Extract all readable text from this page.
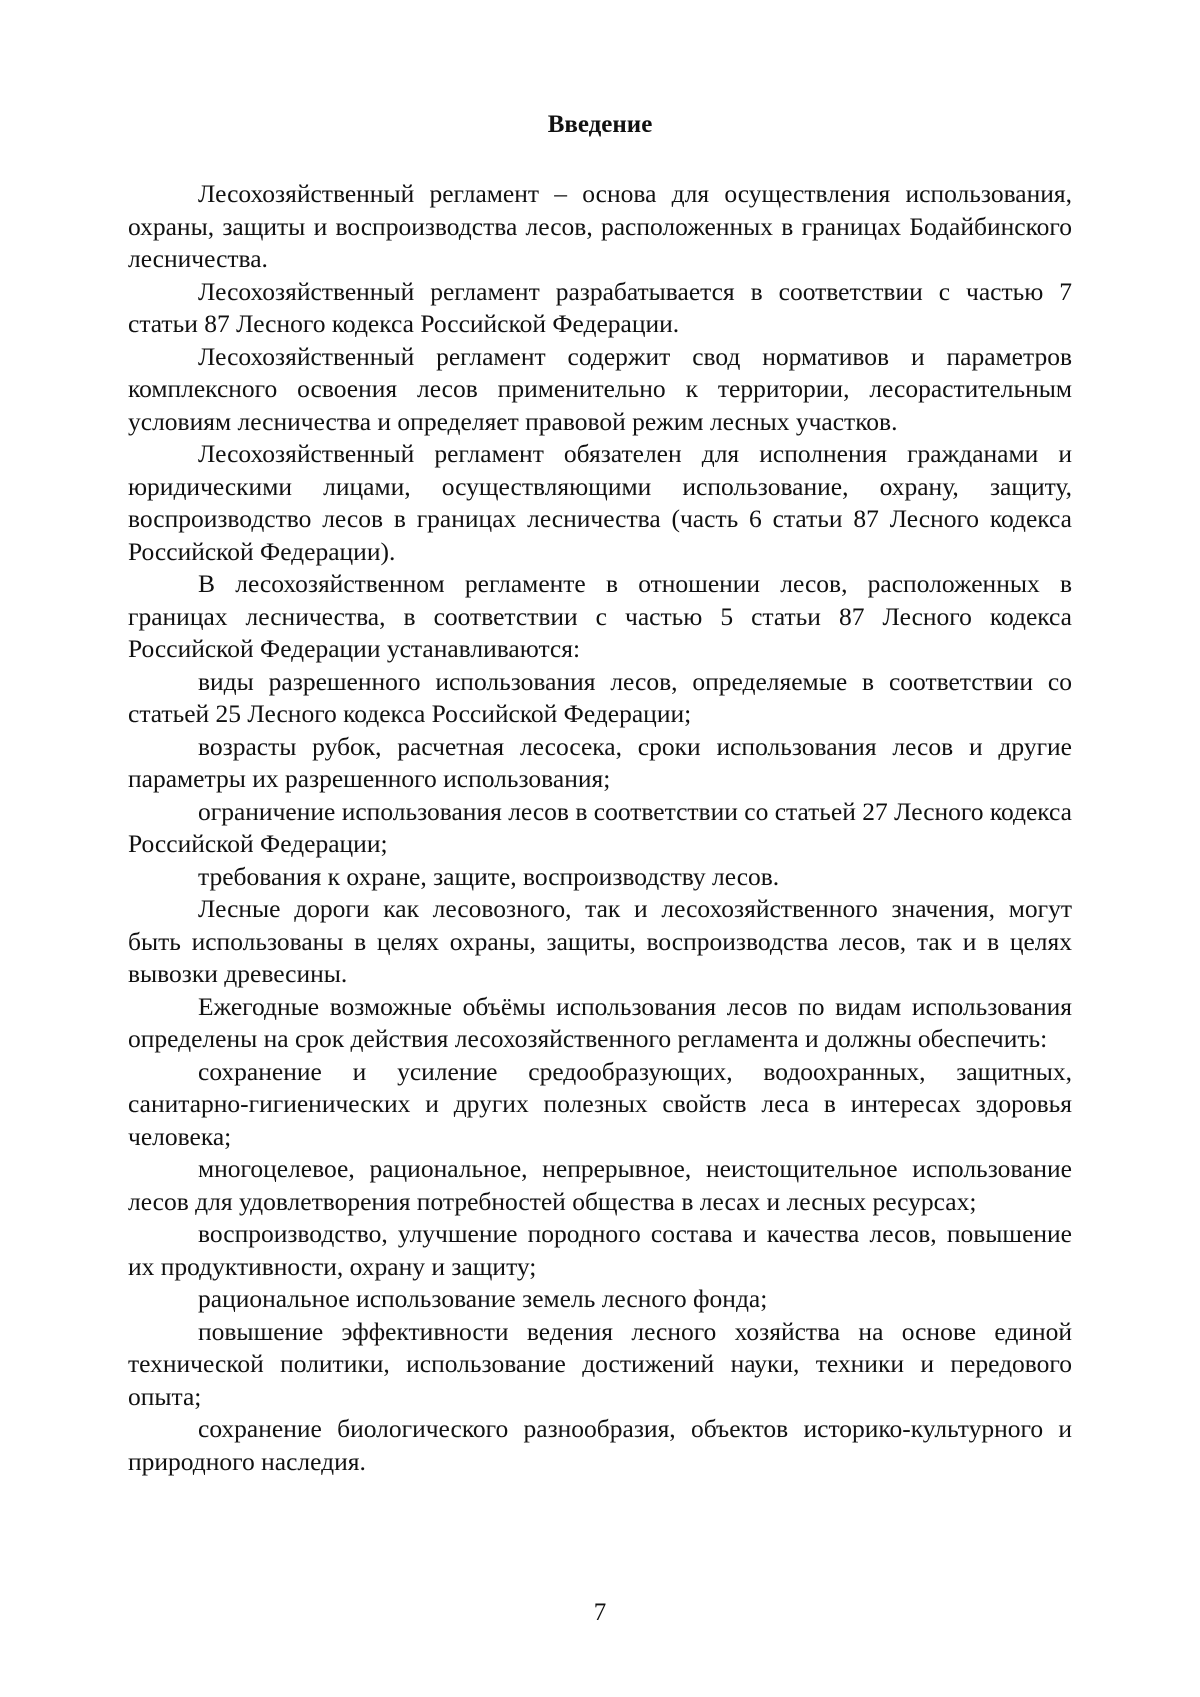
Введение

Лесохозяйственный регламент – основа для осуществления использования, охраны, защиты и воспроизводства лесов, расположенных в границах Бодайбинского лесничества.

Лесохозяйственный регламент разрабатывается в соответствии с частью 7 статьи 87 Лесного кодекса Российской Федерации.

Лесохозяйственный регламент содержит свод нормативов и параметров комплексного освоения лесов применительно к территории, лесорастительным условиям лесничества и определяет правовой режим лесных участков.

Лесохозяйственный регламент обязателен для исполнения гражданами и юридическими лицами, осуществляющими использование, охрану, защиту, воспроизводство лесов в границах лесничества (часть 6 статьи 87 Лесного кодекса Российской Федерации).

В лесохозяйственном регламенте в отношении лесов, расположенных в границах лесничества, в соответствии с частью 5 статьи 87 Лесного кодекса Российской Федерации устанавливаются:

виды разрешенного использования лесов, определяемые в соответствии со статьей 25 Лесного кодекса Российской Федерации;

возрасты рубок, расчетная лесосека, сроки использования лесов и другие параметры их разрешенного использования;

ограничение использования лесов в соответствии со статьей 27 Лесного кодекса Российской Федерации;

требования к охране, защите, воспроизводству лесов.

Лесные дороги как лесовозного, так и лесохозяйственного значения, могут быть использованы в целях охраны, защиты, воспроизводства лесов, так и в целях вывозки древесины.

Ежегодные возможные объёмы использования лесов по видам использования определены на срок действия лесохозяйственного регламента и должны обеспечить:

сохранение и усиление средообразующих, водоохранных, защитных, санитарно-гигиенических и других полезных свойств леса в интересах здоровья человека;

многоцелевое, рациональное, непрерывное, неистощительное использование лесов для удовлетворения потребностей общества в лесах и лесных ресурсах;

воспроизводство, улучшение породного состава и качества лесов, повышение их продуктивности, охрану и защиту;

рациональное использование земель лесного фонда;

повышение эффективности ведения лесного хозяйства на основе единой технической политики, использование достижений науки, техники и передового опыта;

сохранение биологического разнообразия, объектов историко-культурного и природного наследия.

7
